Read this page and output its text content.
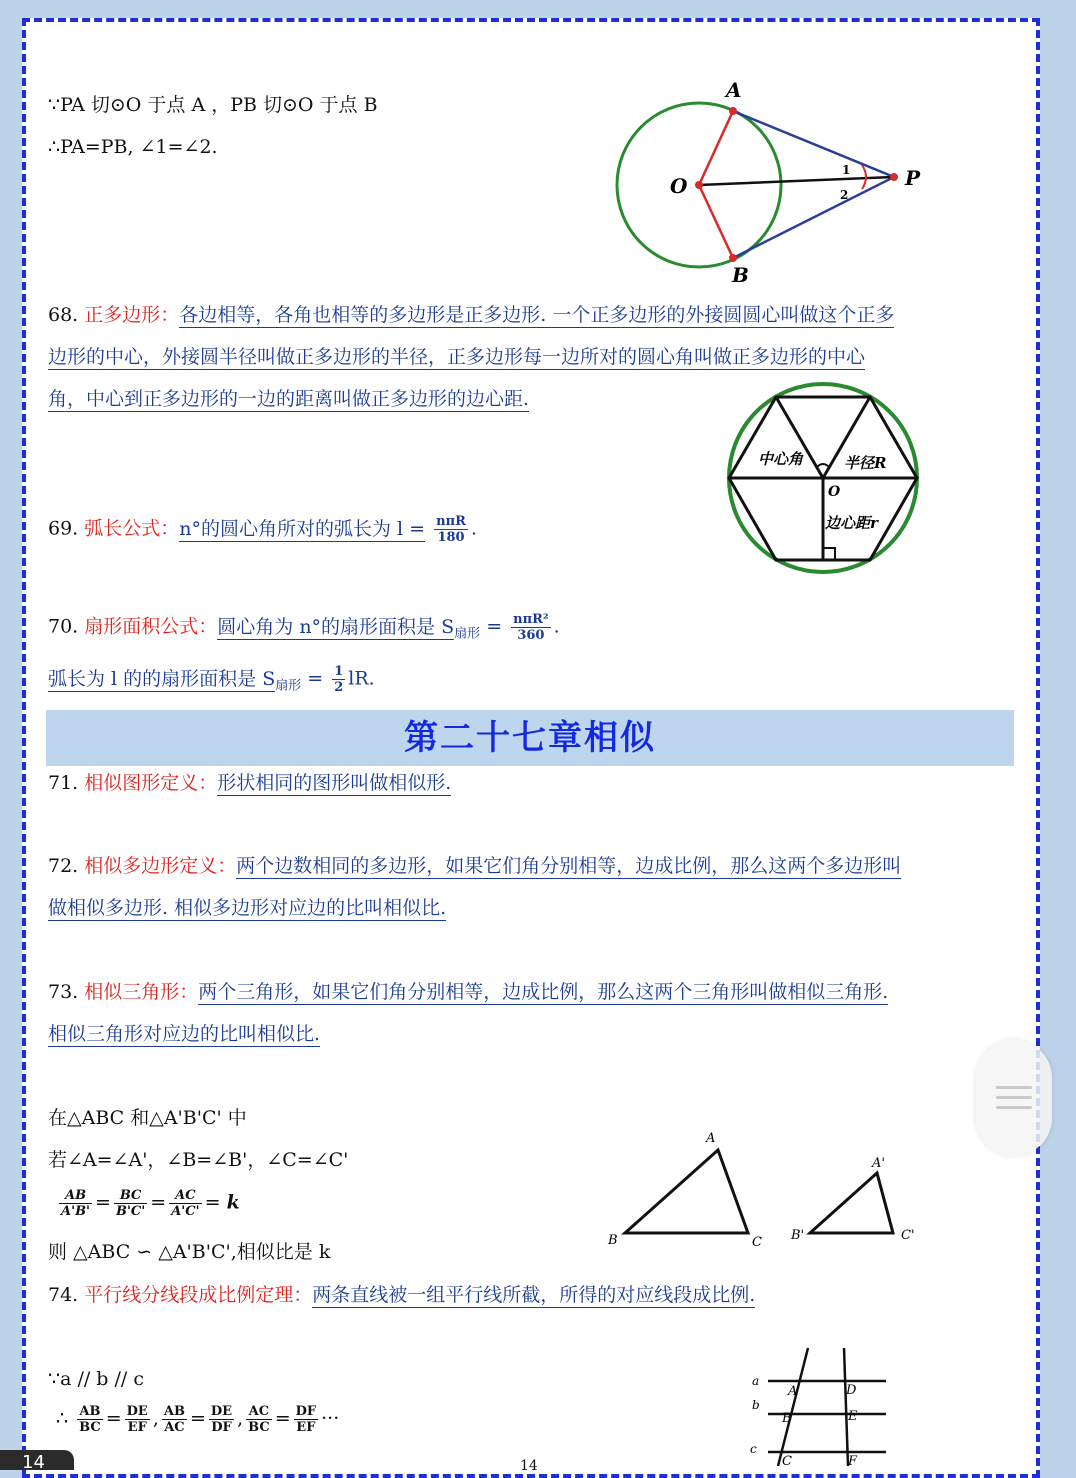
∵PA 切⊙O 于点 A ，PB 切⊙O 于点 B
∴PA=PB, ∠1=∠2.
A
B
O	P
1
2
68. 正多边形：各边相等，各角也相等的多边形是正多边形. 一个正多边形的外接圆圆心叫做这个正多
边形的中心，外接圆半径叫做正多边形的半径，正多边形每一边所对的圆心角叫做正多边形的中心
角，中心到正多边形的一边的距离叫做正多边形的边心距.
中心角	半径R
O
边心距r
69. 弧长公式：n°的圆心角所对的弧长为 $l = \frac{\text{nπR}}{180}$ .
70. 扇形面积公式：圆心角为 n°的扇形面积是 $S_{扇形} = \frac{\text{nπR²}}{360}$ .
弧长为 l 的的扇形面积是 $S_{扇形} = \frac{1}{2}$ lR.
第二十七章相似
71. 相似图形定义：形状相同的图形叫做相似形.
72. 相似多边形定义：两个边数相同的多边形，如果它们角分别相等，边成比例，那么这两个多边形叫
做相似多边形. 相似多边形对应边的比叫相似比.
73. 相似三角形：两个三角形，如果它们角分别相等，边成比例，那么这两个三角形叫做相似三角形.
相似三角形对应边的比叫相似比.
在△ABC 和△A'B'C' 中
若∠A=∠A'，∠B=∠B'，∠C=∠C'
$\frac{AB}{A'B'} = \frac{BC}{B'C'} = \frac{AC}{A'C'} = k$
则 △ABC ∽ △A'B'C',相似比是 k
A
B	C
A'
B'	C'
74. 平行线分线段成比例定理：两条直线被一组平行线所截，所得的对应线段成比例.
∵a // b // c
∴ $\frac{AB}{BC} = \frac{DE}{EF}$ , $\frac{AB}{AC} = \frac{DE}{DF}$ , $\frac{AC}{BC} = \frac{DF}{EF}$ ···
a
b
c
A
B
C
D
E
F
14
14
